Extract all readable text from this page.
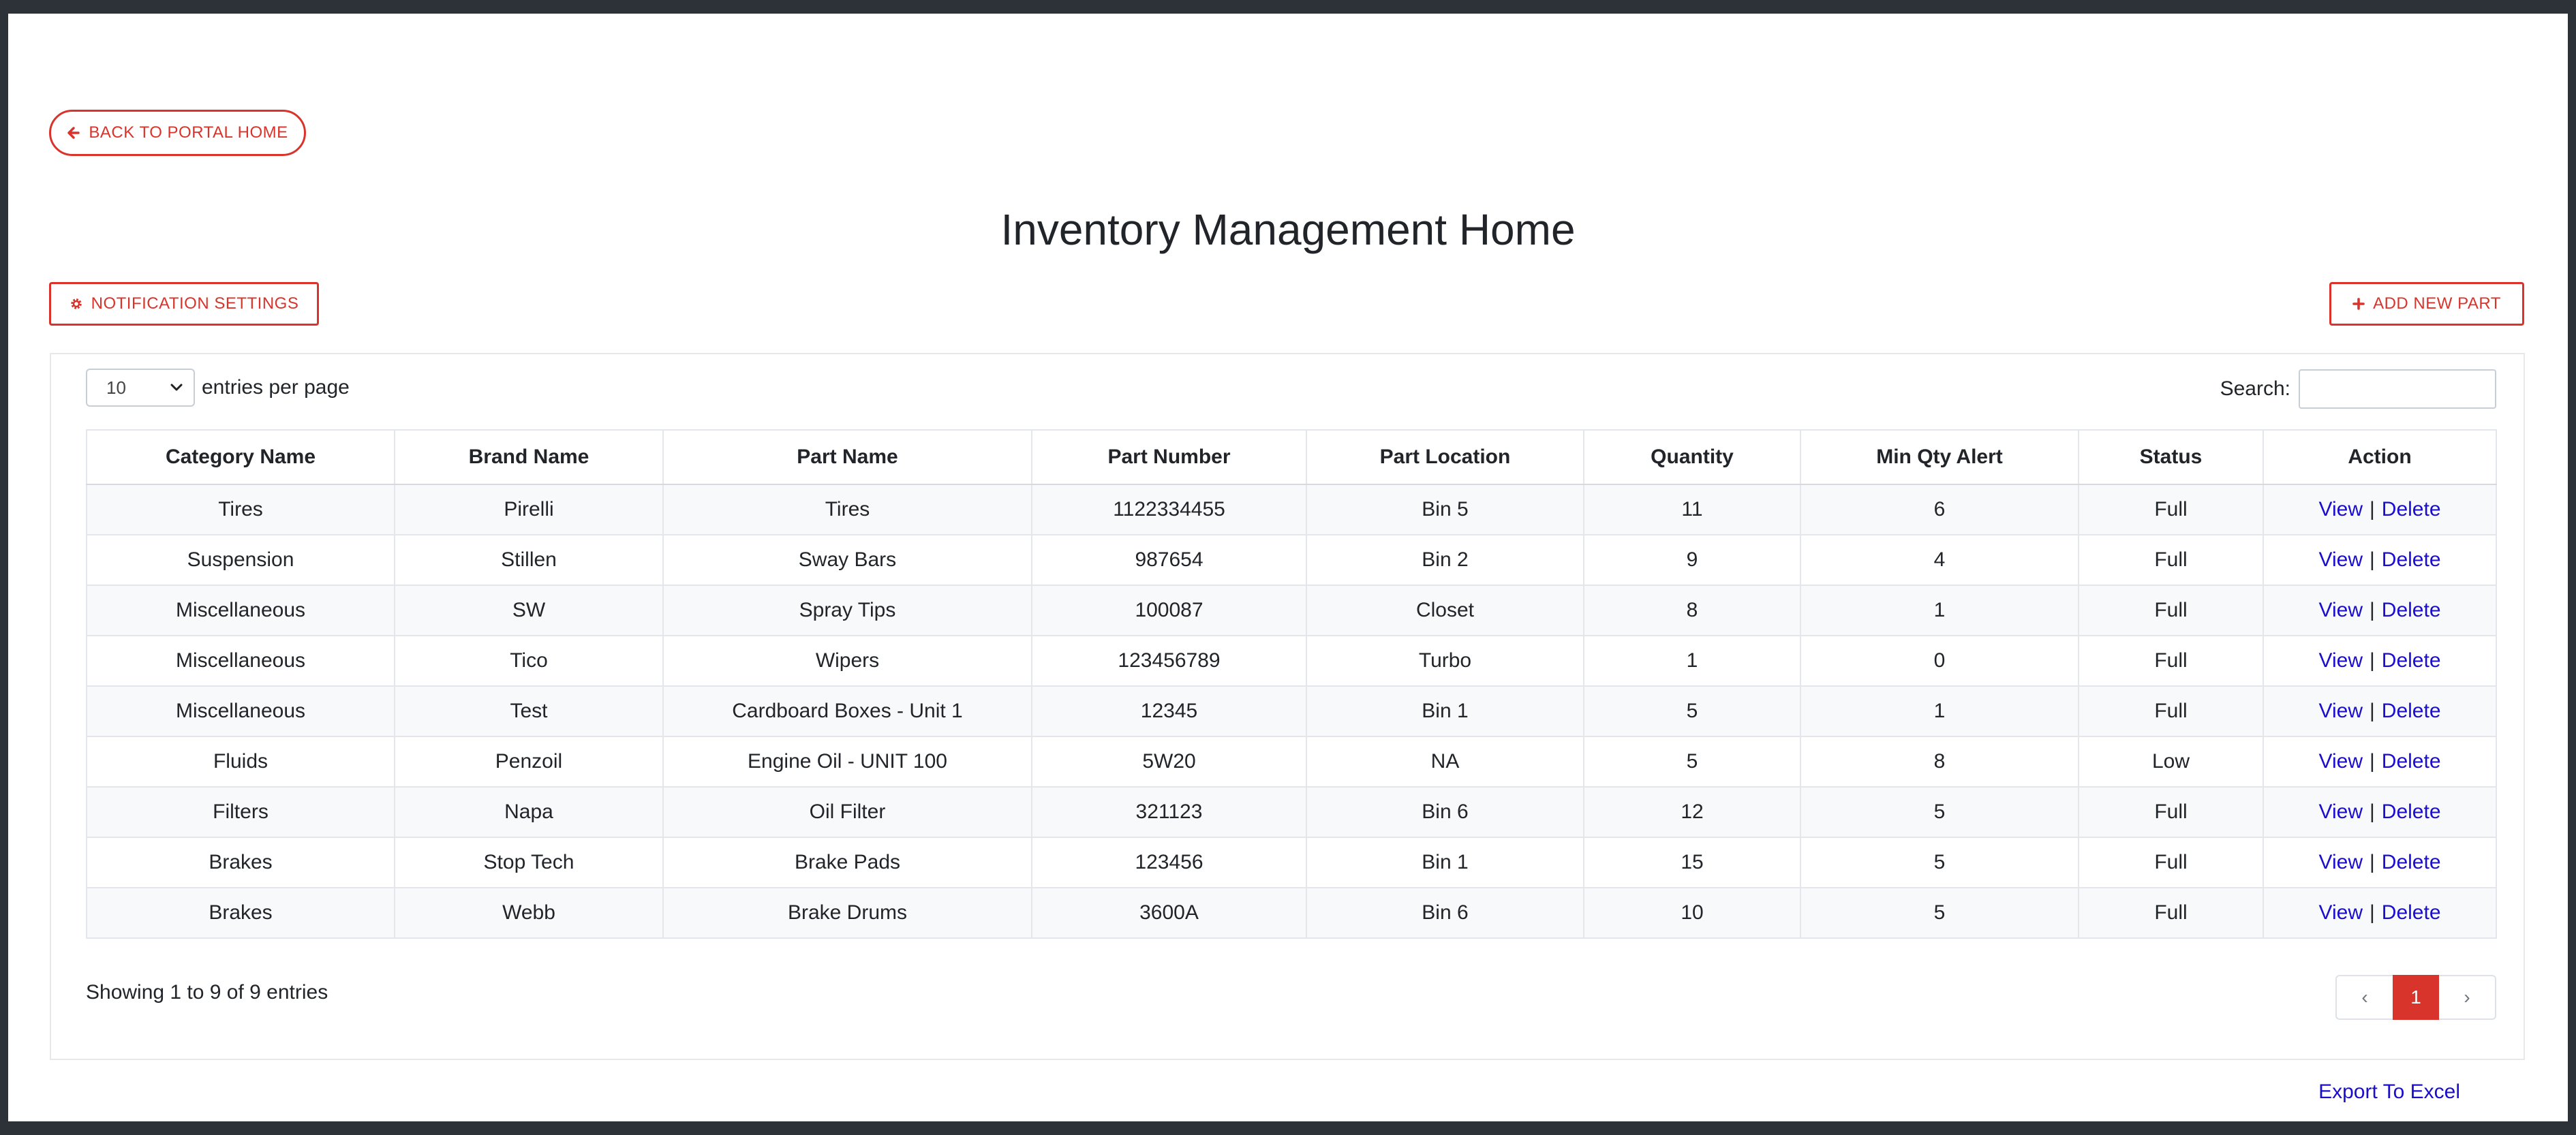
BACK TO PORTAL HOME
Inventory Management Home
NOTIFICATION SETTINGS	ADD NEW PART
10	entries per page	Search:
Category Name	Brand Name	Part Name	Part Number	Part Location	Quantity	Min Qty Alert	Status	Action
Tires	Pirelli	Tires	1122334455	Bin 5	11	6	Full	View | Delete
Suspension	Stillen	Sway Bars	987654	Bin 2	9	4	Full	View | Delete
Miscellaneous	SW	Spray Tips	100087	Closet	8	1	Full	View | Delete
Miscellaneous	Tico	Wipers	123456789	Turbo	1	0	Full	View | Delete
Miscellaneous	Test	Cardboard Boxes - Unit 1	12345	Bin 1	5	1	Full	View | Delete
Fluids	Penzoil	Engine Oil - UNIT 100	5W20	NA	5	8	Low	View | Delete
Filters	Napa	Oil Filter	321123	Bin 6	12	5	Full	View | Delete
Brakes	Stop Tech	Brake Pads	123456	Bin 1	15	5	Full	View | Delete
Brakes	Webb	Brake Drums	3600A	Bin 6	10	5	Full	View | Delete
Showing 1 to 9 of 9 entries	‹	1	›
Export To Excel
